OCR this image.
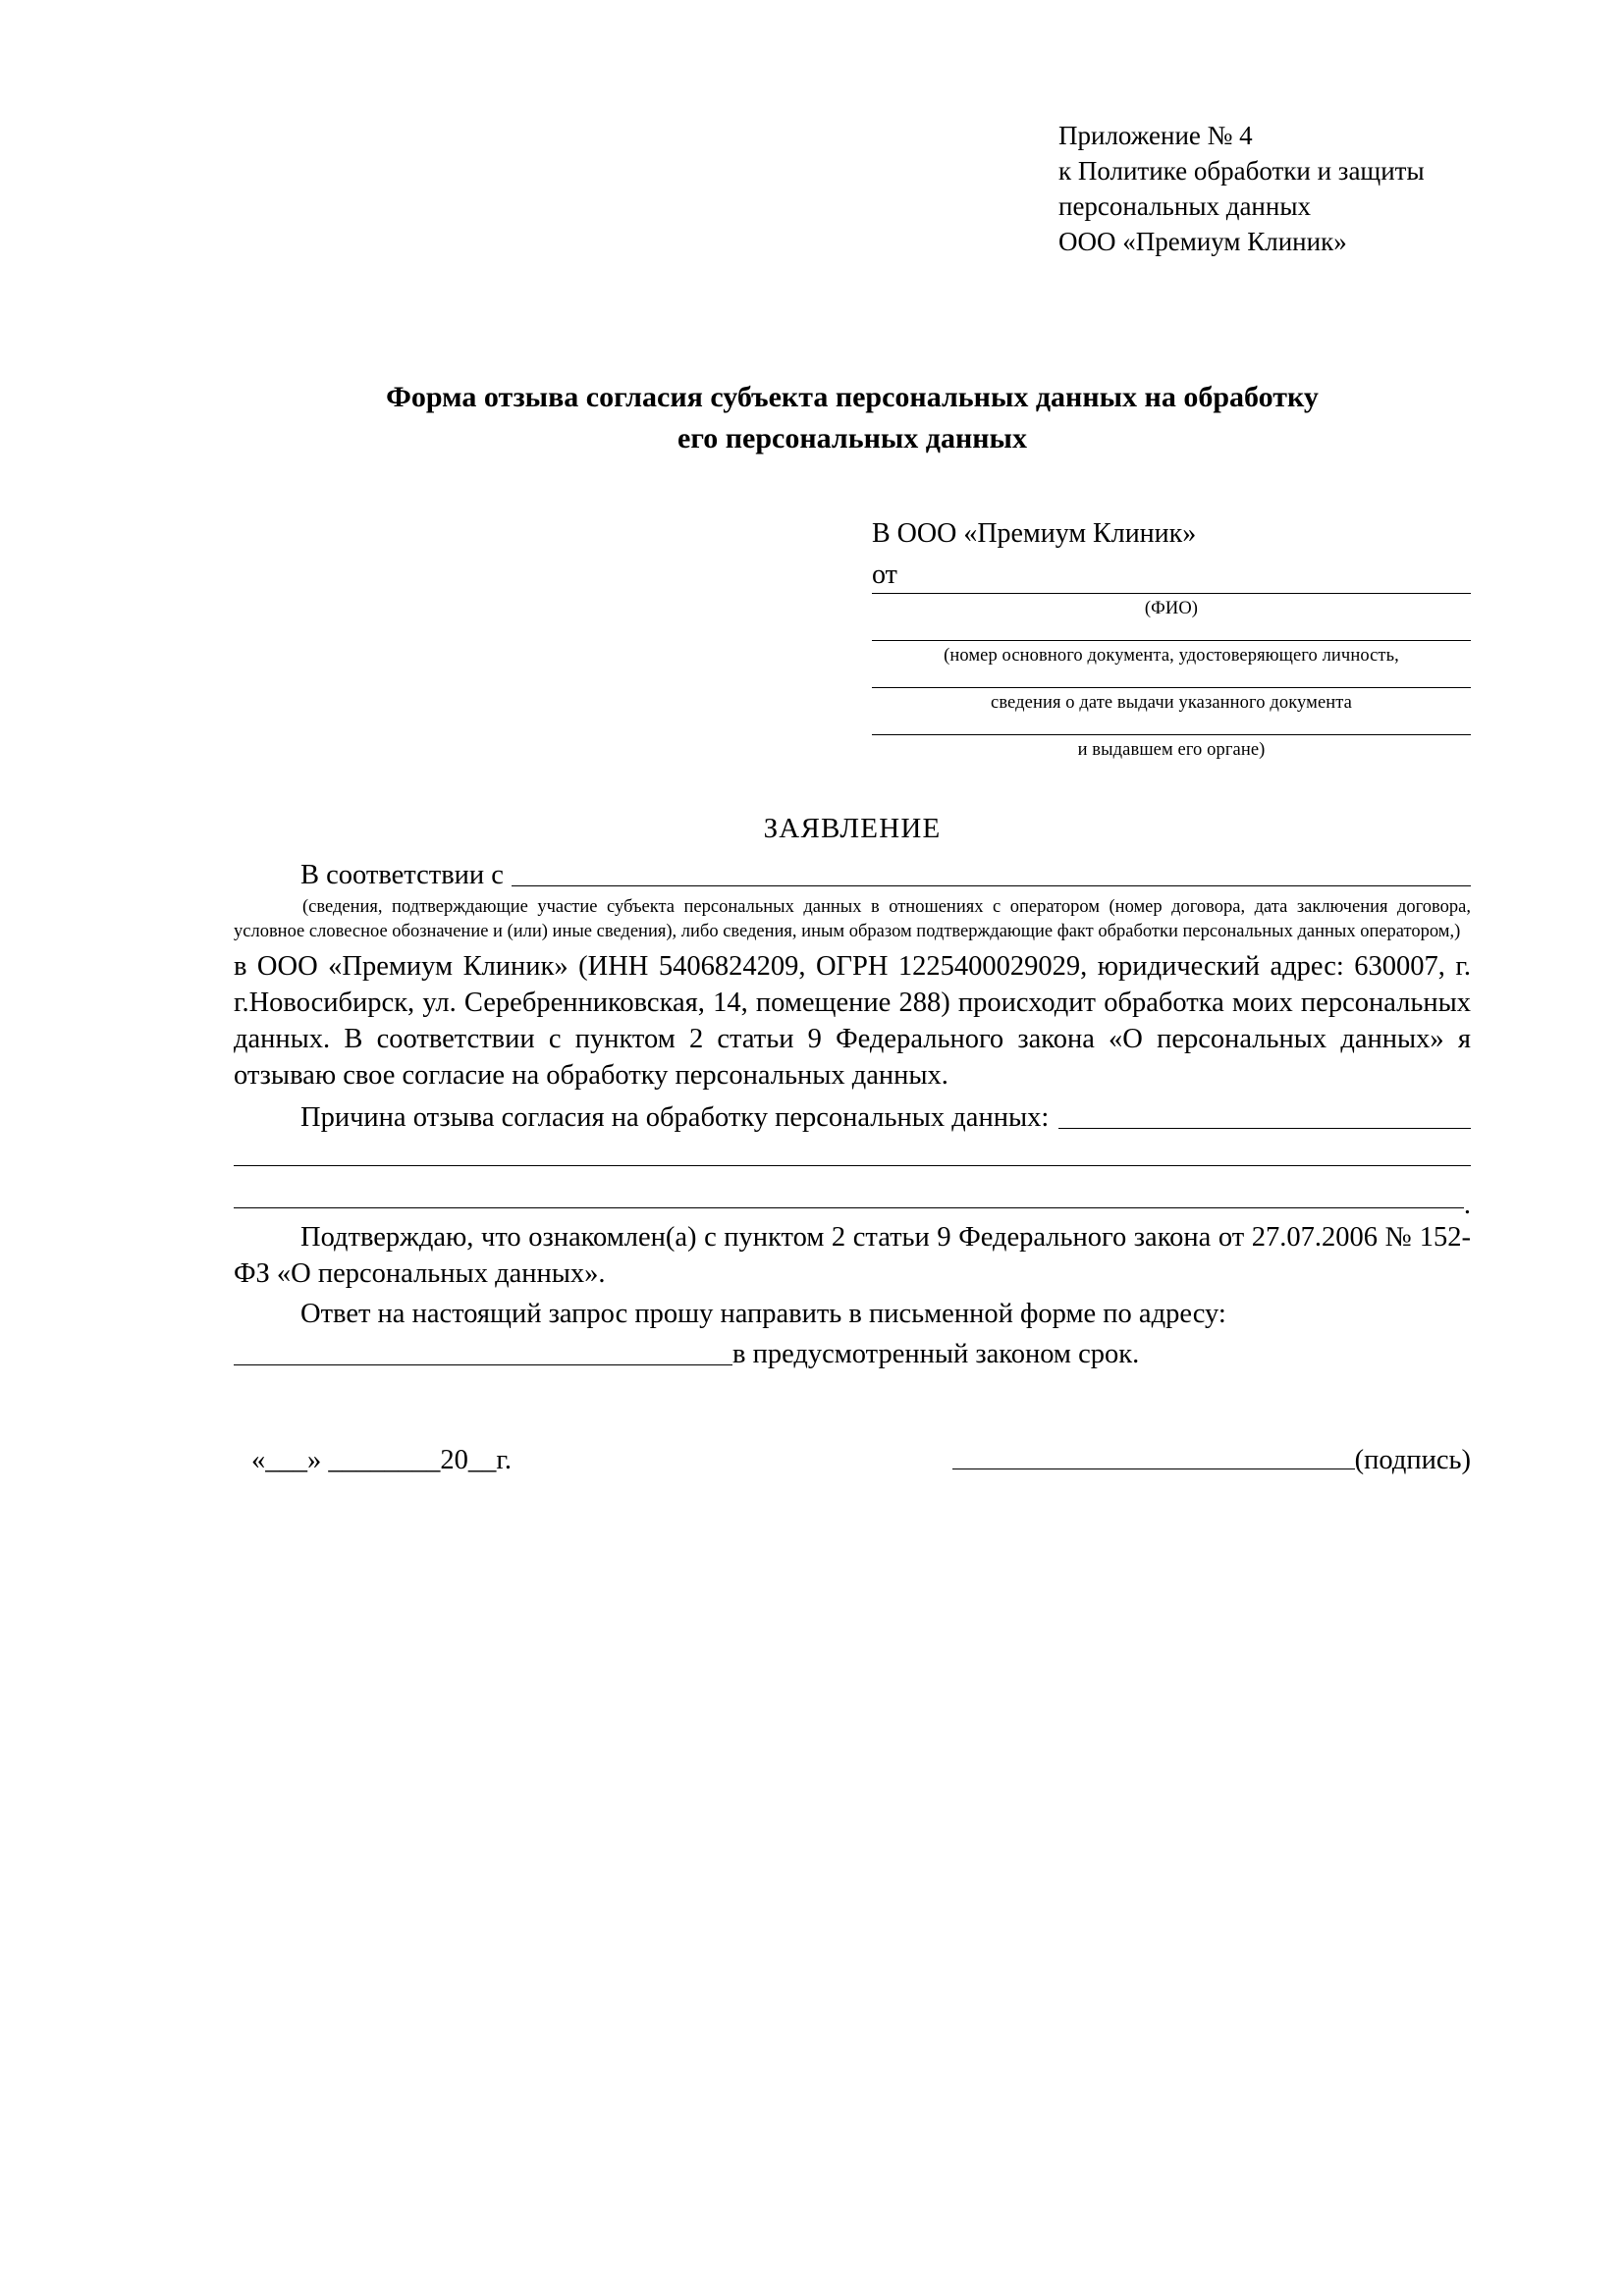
Приложение № 4
к Политике обработки и защиты
персональных данных
ООО «Премиум Клиник»
Форма отзыва согласия субъекта персональных данных на обработку
его персональных данных
В ООО «Премиум Клиник»
от
(ФИО)
(номер основного документа, удостоверяющего личность,
сведения о дате выдачи указанного документа
и выдавшем его органе)
ЗАЯВЛЕНИЕ
В соответствии с
(сведения, подтверждающие участие субъекта персональных данных в отношениях с оператором (номер договора, дата заключения договора, условное словесное обозначение и (или) иные сведения), либо сведения, иным образом подтверждающие факт обработки персональных данных оператором,)
в ООО «Премиум Клиник» (ИНН 5406824209, ОГРН 1225400029029, юридический адрес: 630007, г. г.Новосибирск, ул. Серебренниковская, 14, помещение 288) происходит обработка моих персональных данных. В соответствии с пунктом 2 статьи 9 Федерального закона «О персональных данных» я отзываю свое согласие на обработку персональных данных.
Причина отзыва согласия на обработку персональных данных:
.
Подтверждаю, что ознакомлен(а) с пунктом 2 статьи 9 Федерального закона от 27.07.2006 № 152-ФЗ «О персональных данных».
Ответ на настоящий запрос прошу направить в письменной форме по адресу:
в предусмотренный законом срок.
«___» ________20__г.	(подпись)
